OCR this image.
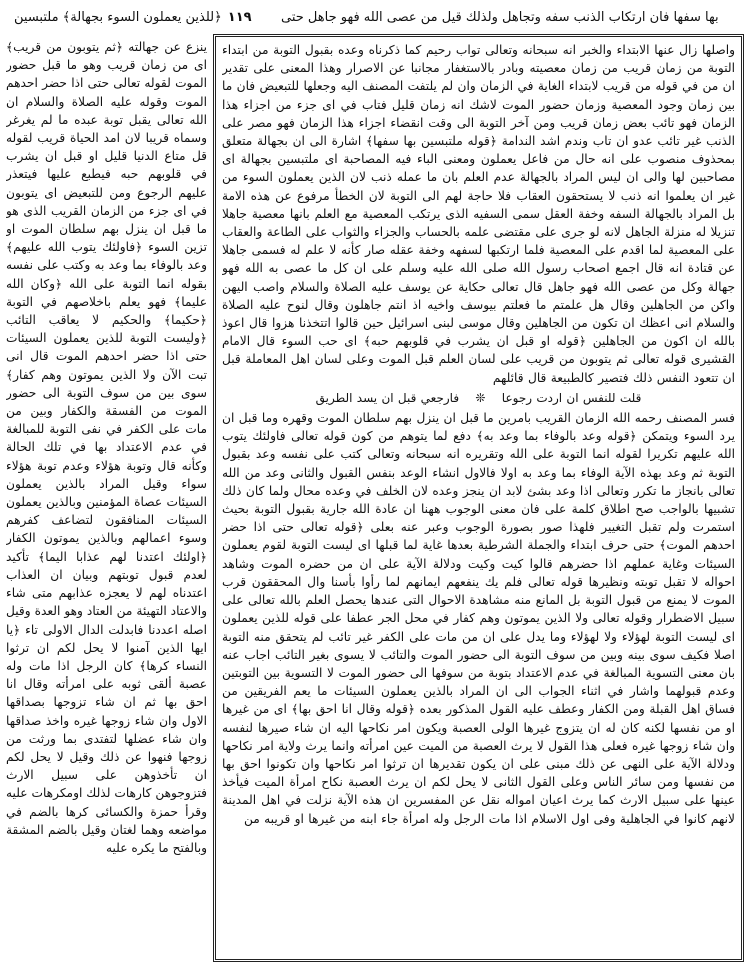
﴿للذين يعملون السوء بجهالة﴾ ملتبسين ١١٩	بها سفها فان ارتكاب الذنب سفه وتجاهل ولذلك قيل من عصى الله فهو جاهل حتى

واصلها زال عنها الابتداء والخبر انه سبحانه وتعالى تواب رحيم كما ذكرناه وعده بقبول التوبة من ابتداء التوبة من زمان قريب من زمان معصيته وبادر بالاستغفار مجانبا عن الاصرار وهذا المعنى على تقدير ان من في قوله من قريب لابتداء الغاية في الزمان وان لم يلتفت المصنف اليه وجعلها للتبعيض فان ما بين زمان وجود المعصية وزمان حضور الموت لاشك انه زمان قليل فتاب في اى جزء من اجزاء هذا الزمان فهو تائب بعض زمان قريب ومن آخر التوبة الى وقت انقضاء اجزاء هذا الزمان فهو مصر على الذنب غير تائب عدو ان تاب وندم اشد الندامة ﴿قوله ملتبسين بها سفها﴾ اشارة الى ان بجهالة متعلق بمحذوف منصوب على انه حال من فاعل يعملون ومعنى الباء فيه المصاحبة اى ملتبسين بجهالة اى مصاحبين لها والى ان ليس المراد بالجهالة عدم العلم بان ما عمله ذنب لان الذين يعملون السوء من غير ان يعلموا انه ذنب لا يستحقون العقاب فلا حاجة لهم الى التوبة لان الخطأ مرفوع عن هذه الامة بل المراد بالجهالة السفه وخفة العقل سمى السفيه الذى يرتكب المعصية مع العلم بانها معصية جاهلا تنزيلا له منزلة الجاهل لانه لو جرى على مقتضى علمه بالحساب والجزاء والثواب على الطاعة والعقاب على المعصية لما اقدم على المعصية فلما ارتكبها لسفهه وخفة عقله صار كأنه لا علم له فسمى جاهلا عن قتادة انه قال اجمع اصحاب رسول الله صلى الله عليه وسلم على ان كل ما عصى به الله فهو جهالة وكل من عصى الله فهو جاهل قال تعالى حكاية عن يوسف عليه الصلاة والسلام واصب اليهن واكن من الجاهلين وقال هل علمتم ما فعلتم بيوسف واخيه اذ انتم جاهلون وقال لنوح عليه الصلاة والسلام انى اعظك ان تكون من الجاهلين وقال موسى لبنى اسرائيل حين قالوا اتتخذنا هزوا قال اعوذ بالله ان اكون من الجاهلين ﴿قوله او قبل ان يشرب في قلوبهم حبه﴾ اى حب السوء قال الامام القشيرى قوله تعالى ثم يتوبون من قريب على لسان العلم قبل الموت وعلى لسان اهل المعاملة قبل ان تتعود النفس ذلك فتصير كالطبيعة قال قائلهم

قلت للنفس ان اردت رجوعا ❊ فارجعي قبل ان يسد الطريق

فسر المصنف رحمه الله الزمان القريب بامرين ما قبل ان ينزل بهم سلطان الموت وقهره وما قبل ان يرد السوء ويتمكن ﴿قوله وعد بالوفاء بما وعد به﴾ دفع لما يتوهم من كون قوله تعالى فاولئك يتوب الله عليهم تكريرا لقوله انما التوبة على الله وتقريره انه سبحانه وتعالى كتب على نفسه وعد بقبول التوبة ثم وعد بهذه الآية الوفاء بما وعد به اولا فالاول انشاء الوعد بنفس القبول والثانى وعد من الله تعالى بانجاز ما تكرر وتعالى اذا وعد بشئ لابد ان ينجز وعده لان الخلف في وعده محال ولما كان ذلك تشبيها بالواجب صح اطلاق كلمة على فان معنى الوجوب ههنا ان عادة الله جارية بقبول التوبة بحيث استمرت ولم تقبل التغيير فلهذا صور بصورة الوجوب وعبر عنه بعلى ﴿قوله تعالى حتى اذا حضر احدهم الموت﴾ حتى حرف ابتداء والجملة الشرطية بعدها غاية لما قبلها اى ليست التوبة لقوم يعملون السيئات وغاية عملهم اذا حضرهم قالوا كيت وكيت ودلالة الآية على ان من حضره الموت وشاهد احواله لا تقبل توبته ونظيرها قوله تعالى فلم يك ينفعهم ايمانهم لما رأوا بأسنا وال المحققون قرب الموت لا يمنع من قبول التوبة بل المانع منه مشاهدة الاحوال التى عندها يحصل العلم بالله تعالى على سبيل الاضطرار وقوله تعالى ولا الذين يموتون وهم كفار في محل الجر عطفا على قوله للذين يعملون اى ليست التوبة لهؤلاء ولا لهؤلاء وما يدل على ان من مات على الكفر غير تائب لم يتحقق منه التوبة اصلا فكيف سوى بينه وبين من سوف التوبة الى حضور الموت والتائب لا يسوى بغير التائب اجاب عنه بان معنى التسوية المبالغة في عدم الاعتداد بتوبة من سوفها الى حضور الموت لا التسوية بين التوبتين وعدم قبولهما واشار في اثناء الجواب الى ان المراد بالذين يعملون السيئات ما يعم الفريقين من فساق اهل القبلة ومن الكفار وعطف عليه القول المذكور بعده ﴿قوله وقال انا احق بها﴾ اى من غيرها او من نفسها لكنه كان له ان يتزوج غيرها الولى العصبة ويكون امر نكاحها اليه ان شاء صيرها لنفسه وان شاء زوجها غيره فعلى هذا القول لا يرث العصبة من الميت عين امرأته وانما يرث ولاية امر نكاحها ودلالة الآية على النهى عن ذلك مبنى على ان يكون تقديرها ان ترثوا امر نكاحها وان تكونوا احق بها من نفسها ومن سائر الناس وعلى القول الثانى لا يحل لكم ان يرث العصبة نكاح امرأة الميت فيأخذ عينها على سبيل الارث كما يرث اعيان امواله نقل عن المفسرين ان هذه الآية نزلت في اهل المدينة لانهم كانوا في الجاهلية وفى اول الاسلام اذا مات الرجل وله امرأة جاء ابنه من غيرها او قريبه من

ينزع عن جهالته ﴿ثم يتوبون من قريب﴾ اى من زمان قريب وهو ما قبل حضور الموت لقوله تعالى حتى اذا حضر احدهم الموت وقوله عليه الصلاة والسلام ان الله تعالى يقبل توبة عبده ما لم يغرغر وسماه قريبا لان امد الحياة قريب لقوله قل متاع الدنيا قليل او قبل ان يشرب في قلوبهم حبه فيطبع عليها فيتعذر عليهم الرجوع ومن للتبعيض اى يتوبون في اى جزء من الزمان القريب الذى هو ما قبل ان ينزل بهم سلطان الموت او تزين السوء ﴿فاولئك يتوب الله عليهم﴾ وعد بالوفاء بما وعد به وكتب على نفسه بقوله انما التوبة على الله ﴿وكان الله عليما﴾ فهو يعلم باخلاصهم في التوبة ﴿حكيما﴾ والحكيم لا يعاقب التائب ﴿وليست التوبة للذين يعملون السيئات حتى اذا حضر احدهم الموت قال انى تبت الآن ولا الذين يموتون وهم كفار﴾ سوى بين من سوف التوبة الى حضور الموت من الفسقة والكفار وبين من مات على الكفر في نفى التوبة للمبالغة في عدم الاعتداد بها في تلك الحالة وكأنه قال وتوبة هؤلاء وعدم توبة هؤلاء سواء وقيل المراد بالذين يعملون السيئات عصاة المؤمنين وبالذين يعملون السيئات المنافقون لتضاعف كفرهم وسوء اعمالهم وبالذين يموتون الكفار ﴿اولئك اعتدنا لهم عذابا اليما﴾ تأكيد لعدم قبول توبتهم وبيان ان العذاب اعتدناه لهم لا يعجزه عذابهم متى شاء والاعتاد التهيئة من العتاد وهو العدة وقيل اصله اعددنا فابدلت الدال الاولى تاء ﴿يا ايها الذين آمنوا لا يحل لكم ان ترثوا النساء كرها﴾ كان الرجل اذا مات وله عصبة ألقى ثوبه على امرأته وقال انا احق بها ثم ان شاء تزوجها بصداقها الاول وان شاء زوجها غيره واخذ صداقها وان شاء عضلها لتفتدى بما ورثت من زوجها فنهوا عن ذلك وقيل لا يحل لكم ان تأخذوهن على سبيل الارث فتزوجوهن كارهات لذلك اومكرهات عليه وقرأ حمزة والكسائى كرها بالضم في مواضعه وهما لغتان وقيل بالضم المشقة وبالفتح ما يكره عليه
